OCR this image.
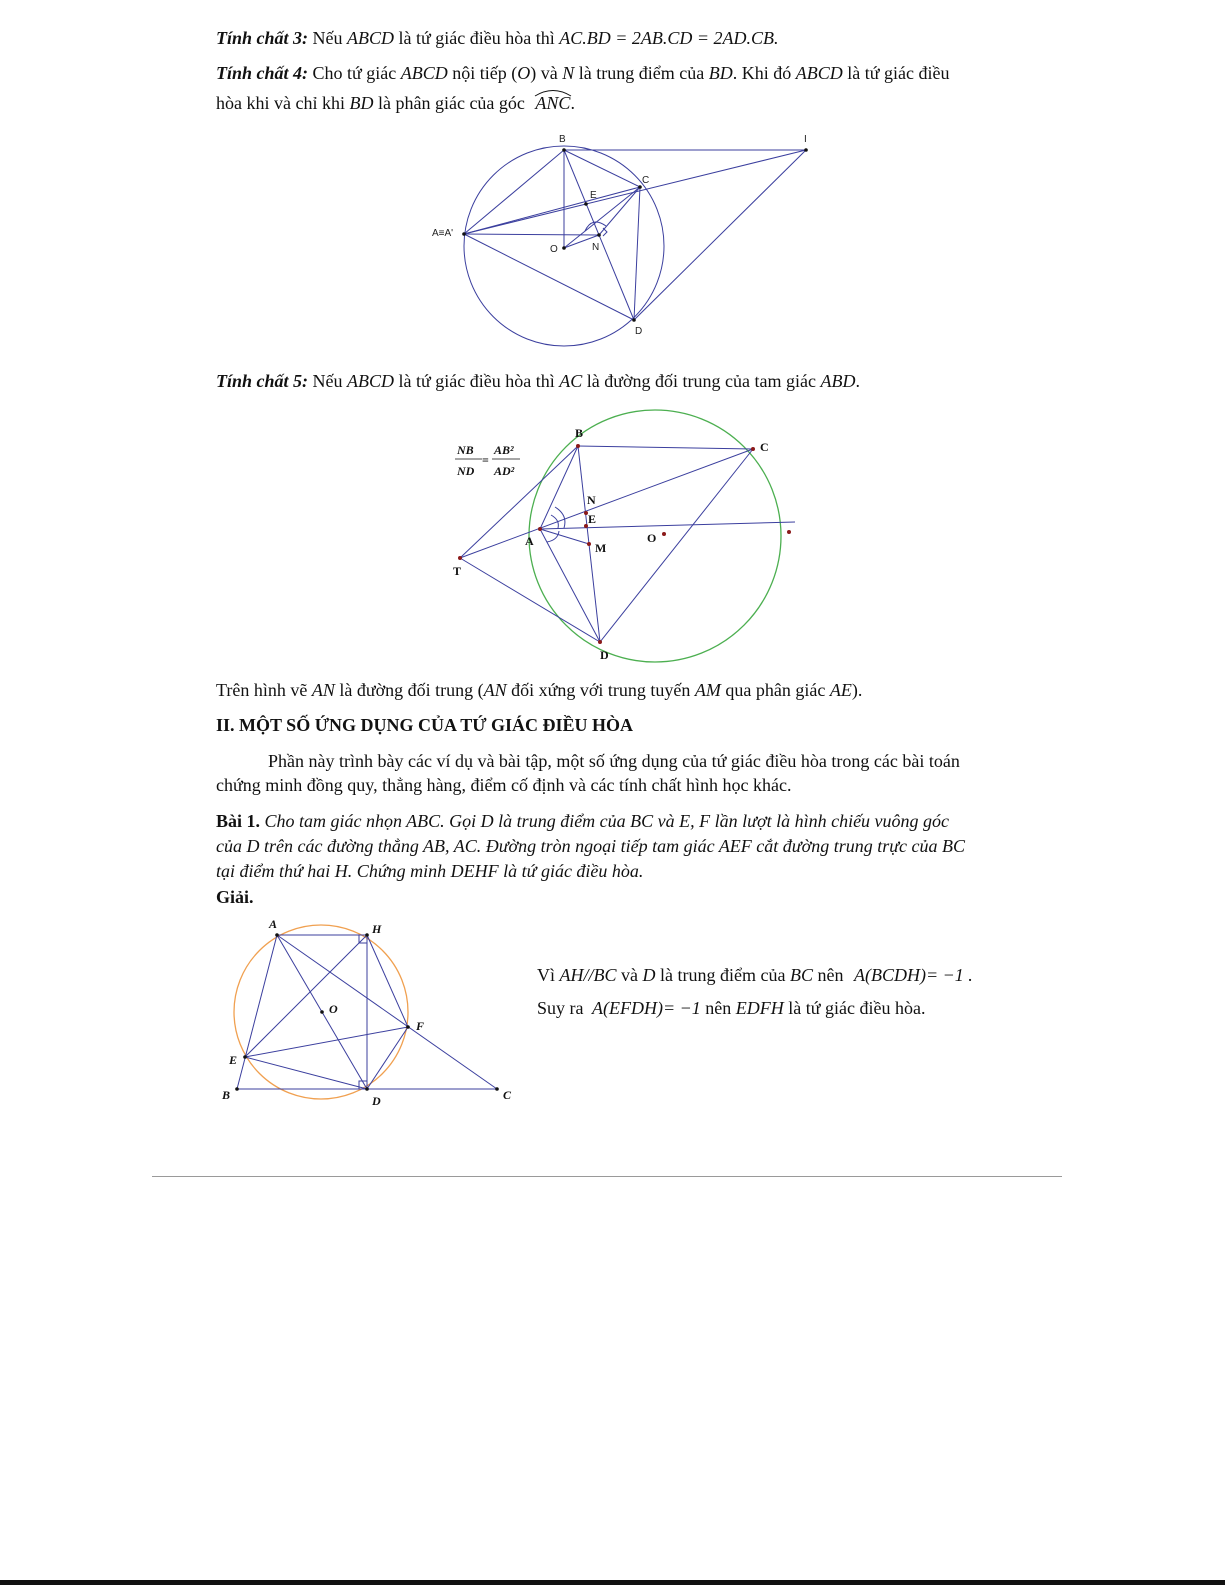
Tính chất 3: Nếu ABCD là tứ giác điều hòa thì AC.BD = 2AB.CD = 2AD.CB.
Tính chất 4: Cho tứ giác ABCD nội tiếp (O) và N là trung điểm của BD. Khi đó ABCD là tứ giác điều
hòa khi và chỉ khi BD là phân giác của góc
ANC.
B	I
C
E
A≡A'
O	N
D
Tính chất 5: Nếu ABCD là tứ giác điều hòa thì AC là đường đối trung của tam giác ABD.
NB
ND
=
AB²
AD²
B
C
N
E
A	M
O
T
D
Trên hình vẽ AN là đường đối trung (AN đối xứng với trung tuyến AM qua phân giác AE).
II. MỘT SỐ ỨNG DỤNG CỦA TỨ GIÁC ĐIỀU HÒA
Phần này trình bày các ví dụ và bài tập, một số ứng dụng của tứ giác điều hòa trong các bài toán
chứng minh đồng quy, thẳng hàng, điểm cố định và các tính chất hình học khác.
Bài 1. Cho tam giác nhọn ABC. Gọi D là trung điểm của BC và E, F lần lượt là hình chiếu vuông góc
của D trên các đường thẳng AB, AC. Đường tròn ngoại tiếp tam giác AEF cắt đường trung trực của BC
tại điểm thứ hai H. Chứng minh DEHF là tứ giác điều hòa.
Giải.
A	H
O
F
E
B	D	C
Vì AH//BC và D là trung điểm của BC nên A(BCDH)= −1 .
Suy ra A(EFDH)= −1 nên EDFH là tứ giác điều hòa.
